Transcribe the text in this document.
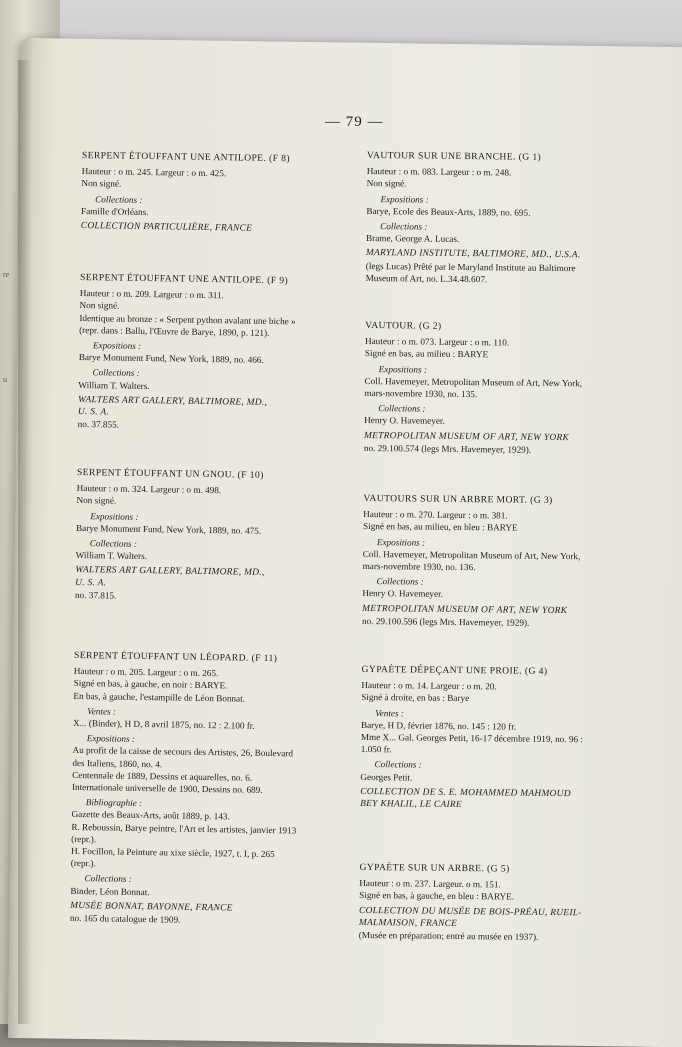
re
u
— 79 —
SERPENT ÉTOUFFANT UNE ANTILOPE. (F 8)
Hauteur : o m. 245. Largeur : o m. 425.
Non signé.
Collections :
Famille d'Orléans.
COLLECTION PARTICULIÈRE, FRANCE
SERPENT ÉTOUFFANT UNE ANTILOPE. (F 9)
Hauteur : o m. 209. Largeur : o m. 311.
Non signé.
Identique au bronze : « Serpent python avalant une biche »
(repr. dans : Ballu, l'Œuvre de Barye, 1890, p. 121).
Expositions :
Barye Monument Fund, New York, 1889, no. 466.
Collections :
William T. Walters.
WALTERS ART GALLERY, BALTIMORE, MD.,
U. S. A.
no. 37.855.
SERPENT ÉTOUFFANT UN GNOU. (F 10)
Hauteur : o m. 324. Largeur : o m. 498.
Non signé.
Expositions :
Barye Monument Fund, New York, 1889, no. 475.
Collections :
William T. Walters.
WALTERS ART GALLERY, BALTIMORE, MD.,
U. S. A.
no. 37.815.
SERPENT ÉTOUFFANT UN LÉOPARD. (F 11)
Hauteur : o m. 205. Largeur : o m. 265.
Signé en bas, à gauche, en noir : BARYE.
En bas, à gauche, l'estampille de Léon Bonnat.
Ventes :
X... (Binder), H D, 8 avril 1875, no. 12 : 2.100 fr.
Expositions :
Au profit de la caisse de secours des Artistes, 26, Boulevard
des Italiens, 1860, no. 4.
Centennale de 1889, Dessins et aquarelles, no. 6.
Internationale universelle de 1900, Dessins no. 689.
Bibliographie :
Gazette des Beaux-Arts, août 1889, p. 143.
R. Reboussin, Barye peintre, l'Art et les artistes, janvier 1913
(repr.).
H. Focillon, la Peinture au xixe siècle, 1927, t. I, p. 265
(repr.).
Collections :
Binder, Léon Bonnat.
MUSÉE BONNAT, BAYONNE, FRANCE
no. 165 du catalogue de 1909.
VAUTOUR SUR UNE BRANCHE. (G 1)
Hauteur : o m. 083. Largeur : o m. 248.
Non signé.
Expositions :
Barye, Ecole des Beaux-Arts, 1889, no. 695.
Collections :
Brame, George A. Lucas.
MARYLAND INSTITUTE, BALTIMORE, MD., U.S.A.
(legs Lucas) Prêté par le Maryland Institute au Baltimore
Museum of Art, no. L.34.48.607.
VAUTOUR. (G 2)
Hauteur : o m. 073. Largeur : o m. 110.
Signé en bas, au milieu : BARYE
Expositions :
Coll. Havemeyer, Metropolitan Museum of Art, New York,
mars-novembre 1930, no. 135.
Collections :
Henry O. Havemeyer.
METROPOLITAN MUSEUM OF ART, NEW YORK
no. 29.100.574 (legs Mrs. Havemeyer, 1929).
VAUTOURS SUR UN ARBRE MORT. (G 3)
Hauteur : o m. 270. Largeur : o m. 381.
Signé en bas, au milieu, en bleu : BARYE
Expositions :
Coll. Havemeyer, Metropolitan Museum of Art, New York,
mars-novembre 1930, no. 136.
Collections :
Henry O. Havemeyer.
METROPOLITAN MUSEUM OF ART, NEW YORK
no. 29.100.596 (legs Mrs. Havemeyer, 1929).
GYPAÈTE DÉPEÇANT UNE PROIE. (G 4)
Hauteur : o m. 14. Largeur : o m. 20.
Signé à droite, en bas : Barye
Ventes :
Barye, H D, février 1876, no. 145 : 120 fr.
Mme X... Gal. Georges Petit, 16-17 décembre 1919, no. 96 :
1.050 fr.
Collections :
Georges Petit.
COLLECTION DE S. E. MOHAMMED MAHMOUD
BEY KHALIL, LE CAIRE
GYPAÈTE SUR UN ARBRE. (G 5)
Hauteur : o m. 237. Largeur. o m. 151.
Signé en bas, à gauche, en bleu : BARYE.
COLLECTION DU MUSÉE DE BOIS-PRÉAU, RUEIL-
MALMAISON, FRANCE
(Musée en préparation; entré au musée en 1937).
